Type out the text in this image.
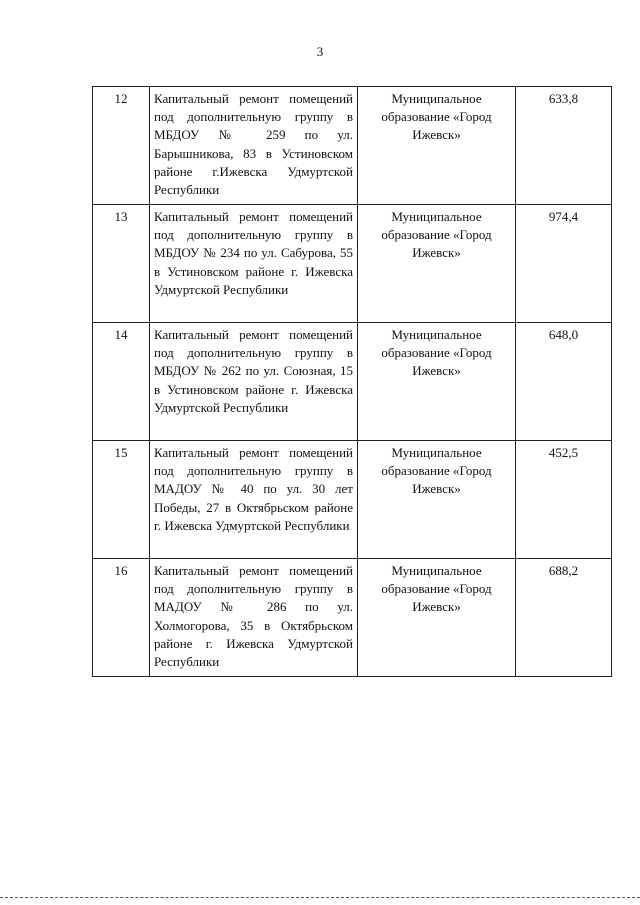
3
12	Капитальный ремонт помещений под дополнительную группу в МБДОУ № 259 по ул. Барышникова, 83 в Устиновском районе г.Ижевска Удмуртской Республики	Муниципальное образование «Город Ижевск»	633,8
13	Капитальный ремонт помещений под дополнительную группу в МБДОУ № 234 по ул. Сабурова, 55 в Устиновском районе г. Ижевска Удмуртской Республики	Муниципальное образование «Город Ижевск»	974,4
14	Капитальный ремонт помещений под дополнительную группу в МБДОУ № 262 по ул. Союзная, 15 в Устиновском районе г. Ижевска Удмуртской Республики	Муниципальное образование «Город Ижевск»	648,0
15	Капитальный ремонт помещений под дополнительную группу в МАДОУ № 40 по ул. 30 лет Победы, 27 в Октябрьском районе г. Ижевска Удмуртской Республики	Муниципальное образование «Город Ижевск»	452,5
16	Капитальный ремонт помещений под дополнительную группу в МАДОУ № 286 по ул. Холмогорова, 35 в Октябрьском районе г. Ижевска Удмуртской Республики	Муниципальное образование «Город Ижевск»	688,2
